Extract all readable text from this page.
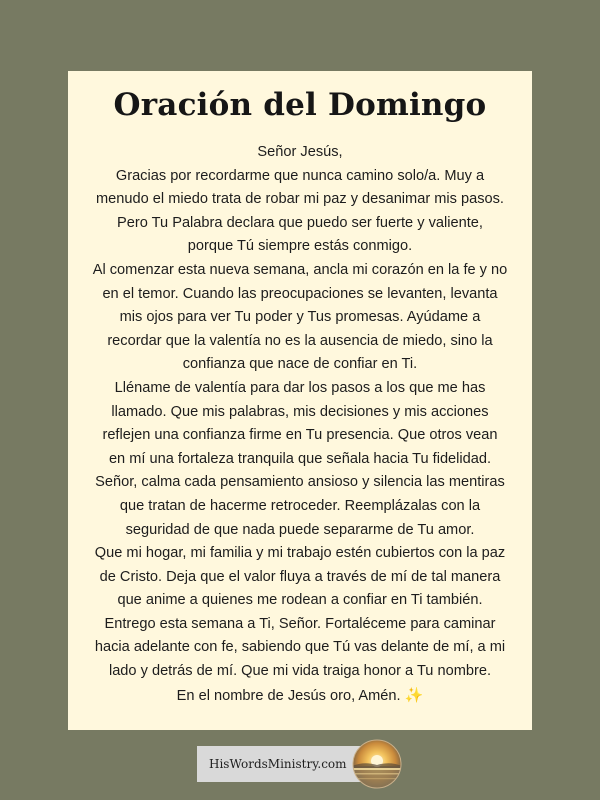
Oración del Domingo
Señor Jesús,
Gracias por recordarme que nunca camino solo/a. Muy a
menudo el miedo trata de robar mi paz y desanimar mis pasos.
Pero Tu Palabra declara que puedo ser fuerte y valiente,
porque Tú siempre estás conmigo.
Al comenzar esta nueva semana, ancla mi corazón en la fe y no
en el temor. Cuando las preocupaciones se levanten, levanta
mis ojos para ver Tu poder y Tus promesas. Ayúdame a
recordar que la valentía no es la ausencia de miedo, sino la
confianza que nace de confiar en Ti.
Lléname de valentía para dar los pasos a los que me has
llamado. Que mis palabras, mis decisiones y mis acciones
reflejen una confianza firme en Tu presencia. Que otros vean
en mí una fortaleza tranquila que señala hacia Tu fidelidad.
Señor, calma cada pensamiento ansioso y silencia las mentiras
que tratan de hacerme retroceder. Reemplázalas con la
seguridad de que nada puede separarme de Tu amor.
Que mi hogar, mi familia y mi trabajo estén cubiertos con la paz
de Cristo. Deja que el valor fluya a través de mí de tal manera
que anime a quienes me rodean a confiar en Ti también.
Entrego esta semana a Ti, Señor. Fortaléceme para caminar
hacia adelante con fe, sabiendo que Tú vas delante de mí, a mi
lado y detrás de mí. Que mi vida traiga honor a Tu nombre.
En el nombre de Jesús oro, Amén. ✨
HisWordsMinistry.com
